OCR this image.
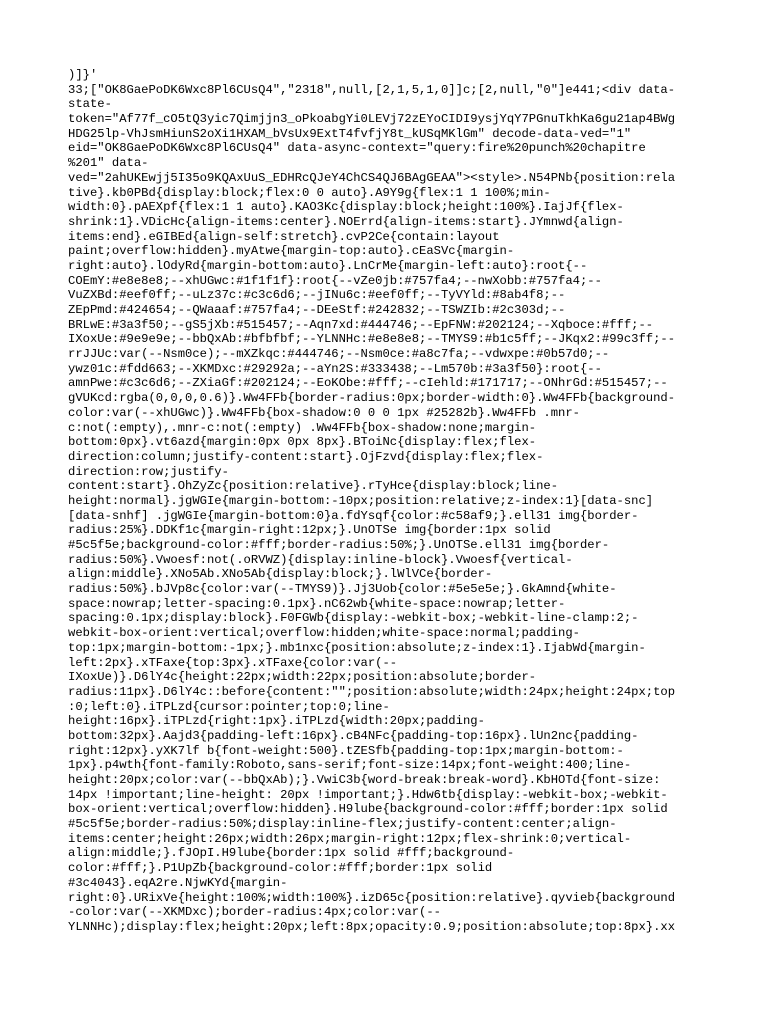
)]}'
33;["OK8GaePoDK6Wxc8Pl6CUsQ4","2318",null,[2,1,5,1,0]]c;[2,null,"0"]e441;<div data-
state-
token="Af77f_cO5tQ3yic7Qimjjn3_oPkoabgYi0LEVj72zEYoCIDI9ysjYqY7PGnuTkhKa6gu21ap4BWg
HDG25lp-VhJsmHiunS2oXi1HXAM_bVsUx9ExtT4fvfjY8t_kUSqMKlGm" decode-data-ved="1"
eid="OK8GaePoDK6Wxc8Pl6CUsQ4" data-async-context="query:fire%20punch%20chapitre
%201" data-
ved="2ahUKEwjj5I35o9KQAxUuS_EDHRcQJeY4ChCS4QJ6BAgGEAA"><style>.N54PNb{position:rela
tive}.kb0PBd{display:block;flex:0 0 auto}.A9Y9g{flex:1 1 100%;min-
width:0}.pAEXpf{flex:1 1 auto}.KAO3Kc{display:block;height:100%}.IajJf{flex-
shrink:1}.VDicHc{align-items:center}.NOErrd{align-items:start}.JYmnwd{align-
items:end}.eGIBEd{align-self:stretch}.cvP2Ce{contain:layout
paint;overflow:hidden}.myAtwe{margin-top:auto}.cEaSVc{margin-
right:auto}.lOdyRd{margin-bottom:auto}.LnCrMe{margin-left:auto}:root{--
COEmY:#e8e8e8;--xhUGwc:#1f1f1f}:root{--vZe0jb:#757fa4;--nwXobb:#757fa4;--
VuZXBd:#eef0ff;--uLz37c:#c3c6d6;--jINu6c:#eef0ff;--TyVYld:#8ab4f8;--
ZEpPmd:#424654;--QWaaaf:#757fa4;--DEeStf:#242832;--TSWZIb:#2c303d;--
BRLwE:#3a3f50;--gS5jXb:#515457;--Aqn7xd:#444746;--EpFNW:#202124;--Xqboce:#fff;--
IXoxUe:#9e9e9e;--bbQxAb:#bfbfbf;--YLNNHc:#e8e8e8;--TMYS9:#b1c5ff;--JKqx2:#99c3ff;--
rrJJUc:var(--Nsm0ce);--mXZkqc:#444746;--Nsm0ce:#a8c7fa;--vdwxpe:#0b57d0;--
ywz01c:#fdd663;--XKMDxc:#29292a;--aYn2S:#333438;--Lm570b:#3a3f50}:root{--
amnPwe:#c3c6d6;--ZXiaGf:#202124;--EoKObe:#fff;--cIehld:#171717;--ONhrGd:#515457;--
gVUKcd:rgba(0,0,0,0.6)}.Ww4FFb{border-radius:0px;border-width:0}.Ww4FFb{background-
color:var(--xhUGwc)}.Ww4FFb{box-shadow:0 0 0 1px #25282b}.Ww4FFb .mnr-
c:not(:empty),.mnr-c:not(:empty) .Ww4FFb{box-shadow:none;margin-
bottom:0px}.vt6azd{margin:0px 0px 8px}.BToiNc{display:flex;flex-
direction:column;justify-content:start}.OjFzvd{display:flex;flex-
direction:row;justify-
content:start}.OhZyZc{position:relative}.rTyHce{display:block;line-
height:normal}.jgWGIe{margin-bottom:-10px;position:relative;z-index:1}[data-snc]
[data-snhf] .jgWGIe{margin-bottom:0}a.fdYsqf{color:#c58af9;}.ell31 img{border-
radius:25%}.DDKf1c{margin-right:12px;}.UnOTSe img{border:1px solid
#5c5f5e;background-color:#fff;border-radius:50%;}.UnOTSe.ell31 img{border-
radius:50%}.Vwoesf:not(.oRVWZ){display:inline-block}.Vwoesf{vertical-
align:middle}.XNo5Ab.XNo5Ab{display:block;}.lWlVCe{border-
radius:50%}.bJVp8c{color:var(--TMYS9)}.Jj3Uob{color:#5e5e5e;}.GkAmnd{white-
space:nowrap;letter-spacing:0.1px}.nC62wb{white-space:nowrap;letter-
spacing:0.1px;display:block}.F0FGWb{display:-webkit-box;-webkit-line-clamp:2;-
webkit-box-orient:vertical;overflow:hidden;white-space:normal;padding-
top:1px;margin-bottom:-1px;}.mb1nxc{position:absolute;z-index:1}.IjabWd{margin-
left:2px}.xTFaxe{top:3px}.xTFaxe{color:var(--
IXoxUe)}.D6lY4c{height:22px;width:22px;position:absolute;border-
radius:11px}.D6lY4c::before{content:"";position:absolute;width:24px;height:24px;top
:0;left:0}.iTPLzd{cursor:pointer;top:0;line-
height:16px}.iTPLzd{right:1px}.iTPLzd{width:20px;padding-
bottom:32px}.Aajd3{padding-left:16px}.cB4NFc{padding-top:16px}.lUn2nc{padding-
right:12px}.yXK7lf b{font-weight:500}.tZESfb{padding-top:1px;margin-bottom:-
1px}.p4wth{font-family:Roboto,sans-serif;font-size:14px;font-weight:400;line-
height:20px;color:var(--bbQxAb);}.VwiC3b{word-break:break-word}.KbHOTd{font-size:
14px !important;line-height: 20px !important;}.Hdw6tb{display:-webkit-box;-webkit-
box-orient:vertical;overflow:hidden}.H9lube{background-color:#fff;border:1px solid
#5c5f5e;border-radius:50%;display:inline-flex;justify-content:center;align-
items:center;height:26px;width:26px;margin-right:12px;flex-shrink:0;vertical-
align:middle;}.fJOpI.H9lube{border:1px solid #fff;background-
color:#fff;}.P1UpZb{background-color:#fff;border:1px solid
#3c4043}.eqA2re.NjwKYd{margin-
right:0}.URixVe{height:100%;width:100%}.izD65c{position:relative}.qyvieb{background
-color:var(--XKMDxc);border-radius:4px;color:var(--
YLNNHc);display:flex;height:20px;left:8px;opacity:0.9;position:absolute;top:8px}.xx
